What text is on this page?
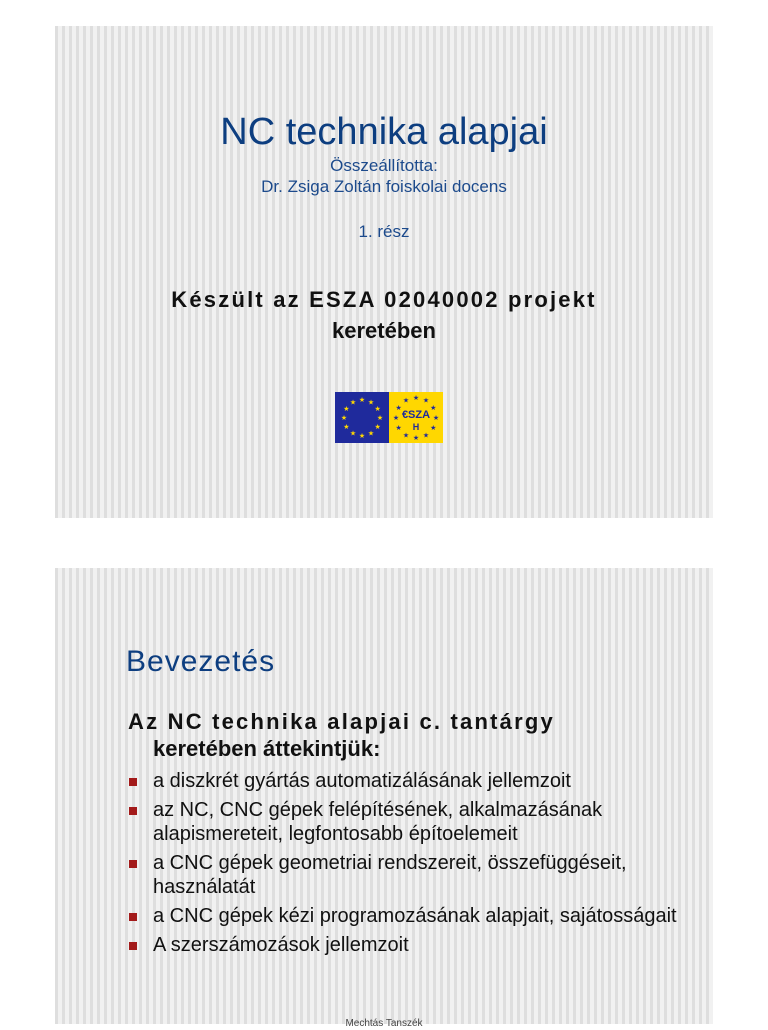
NC technika alapjai
Összeállította:
Dr. Zsiga Zoltán foiskolai docens
1. rész
Készült az ESZA 02040002 projekt
keretében
★ ★
★
★
★
★
★
★
★
★
★
★
★ ★
★
★
★
★
★
★
★
★
★
★
€SZA
H
Bevezetés
Az NC technika alapjai c. tantárgy
keretében áttekintjük:
a diszkrét gyártás automatizálásának jellemzoit
az NC, CNC gépek felépítésének, alkalmazásának alapismereteit, legfontosabb építoelemeit
a CNC gépek geometriai rendszereit, összefüggéseit, használatát
a CNC gépek kézi programozásának alapjait, sajátosságait
A szerszámozások jellemzoit
Mechtás Tanszék
